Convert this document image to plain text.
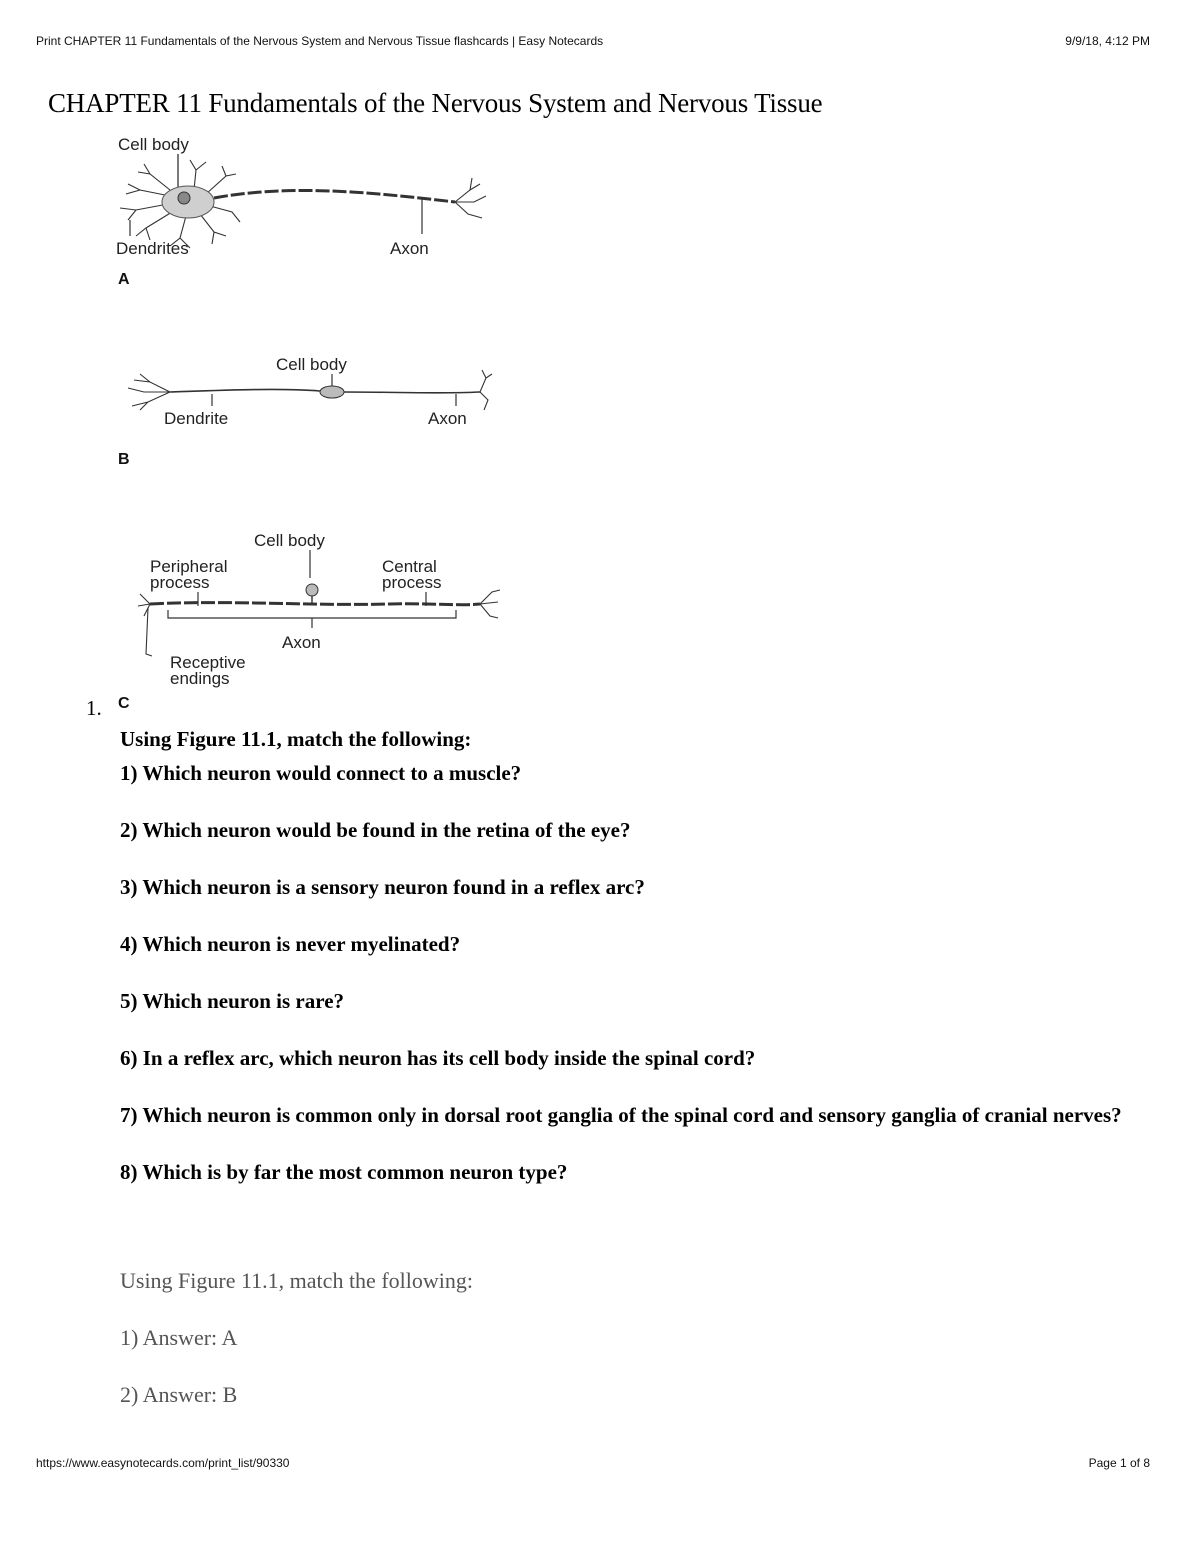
Print CHAPTER 11 Fundamentals of the Nervous System and Nervous Tissue flashcards | Easy Notecards	9/9/18, 4:12 PM
CHAPTER 11 Fundamentals of the Nervous System and Nervous Tissue
Cell body
Dendrites	Axon
A
Cell body
Dendrite	Axon
B
Cell body
Peripheral
process
Central
process
Axon
Receptive
endings
C
1.
Using Figure 11.1, match the following:
1) Which neuron would connect to a muscle?
2) Which neuron would be found in the retina of the eye?
3) Which neuron is a sensory neuron found in a reflex arc?
4) Which neuron is never myelinated?
5) Which neuron is rare?
6) In a reflex arc, which neuron has its cell body inside the spinal cord?
7) Which neuron is common only in dorsal root ganglia of the spinal cord and sensory ganglia of cranial nerves?
8) Which is by far the most common neuron type?
Using Figure 11.1, match the following:
1) Answer: A
2) Answer: B
https://www.easynotecards.com/print_list/90330	Page 1 of 8
